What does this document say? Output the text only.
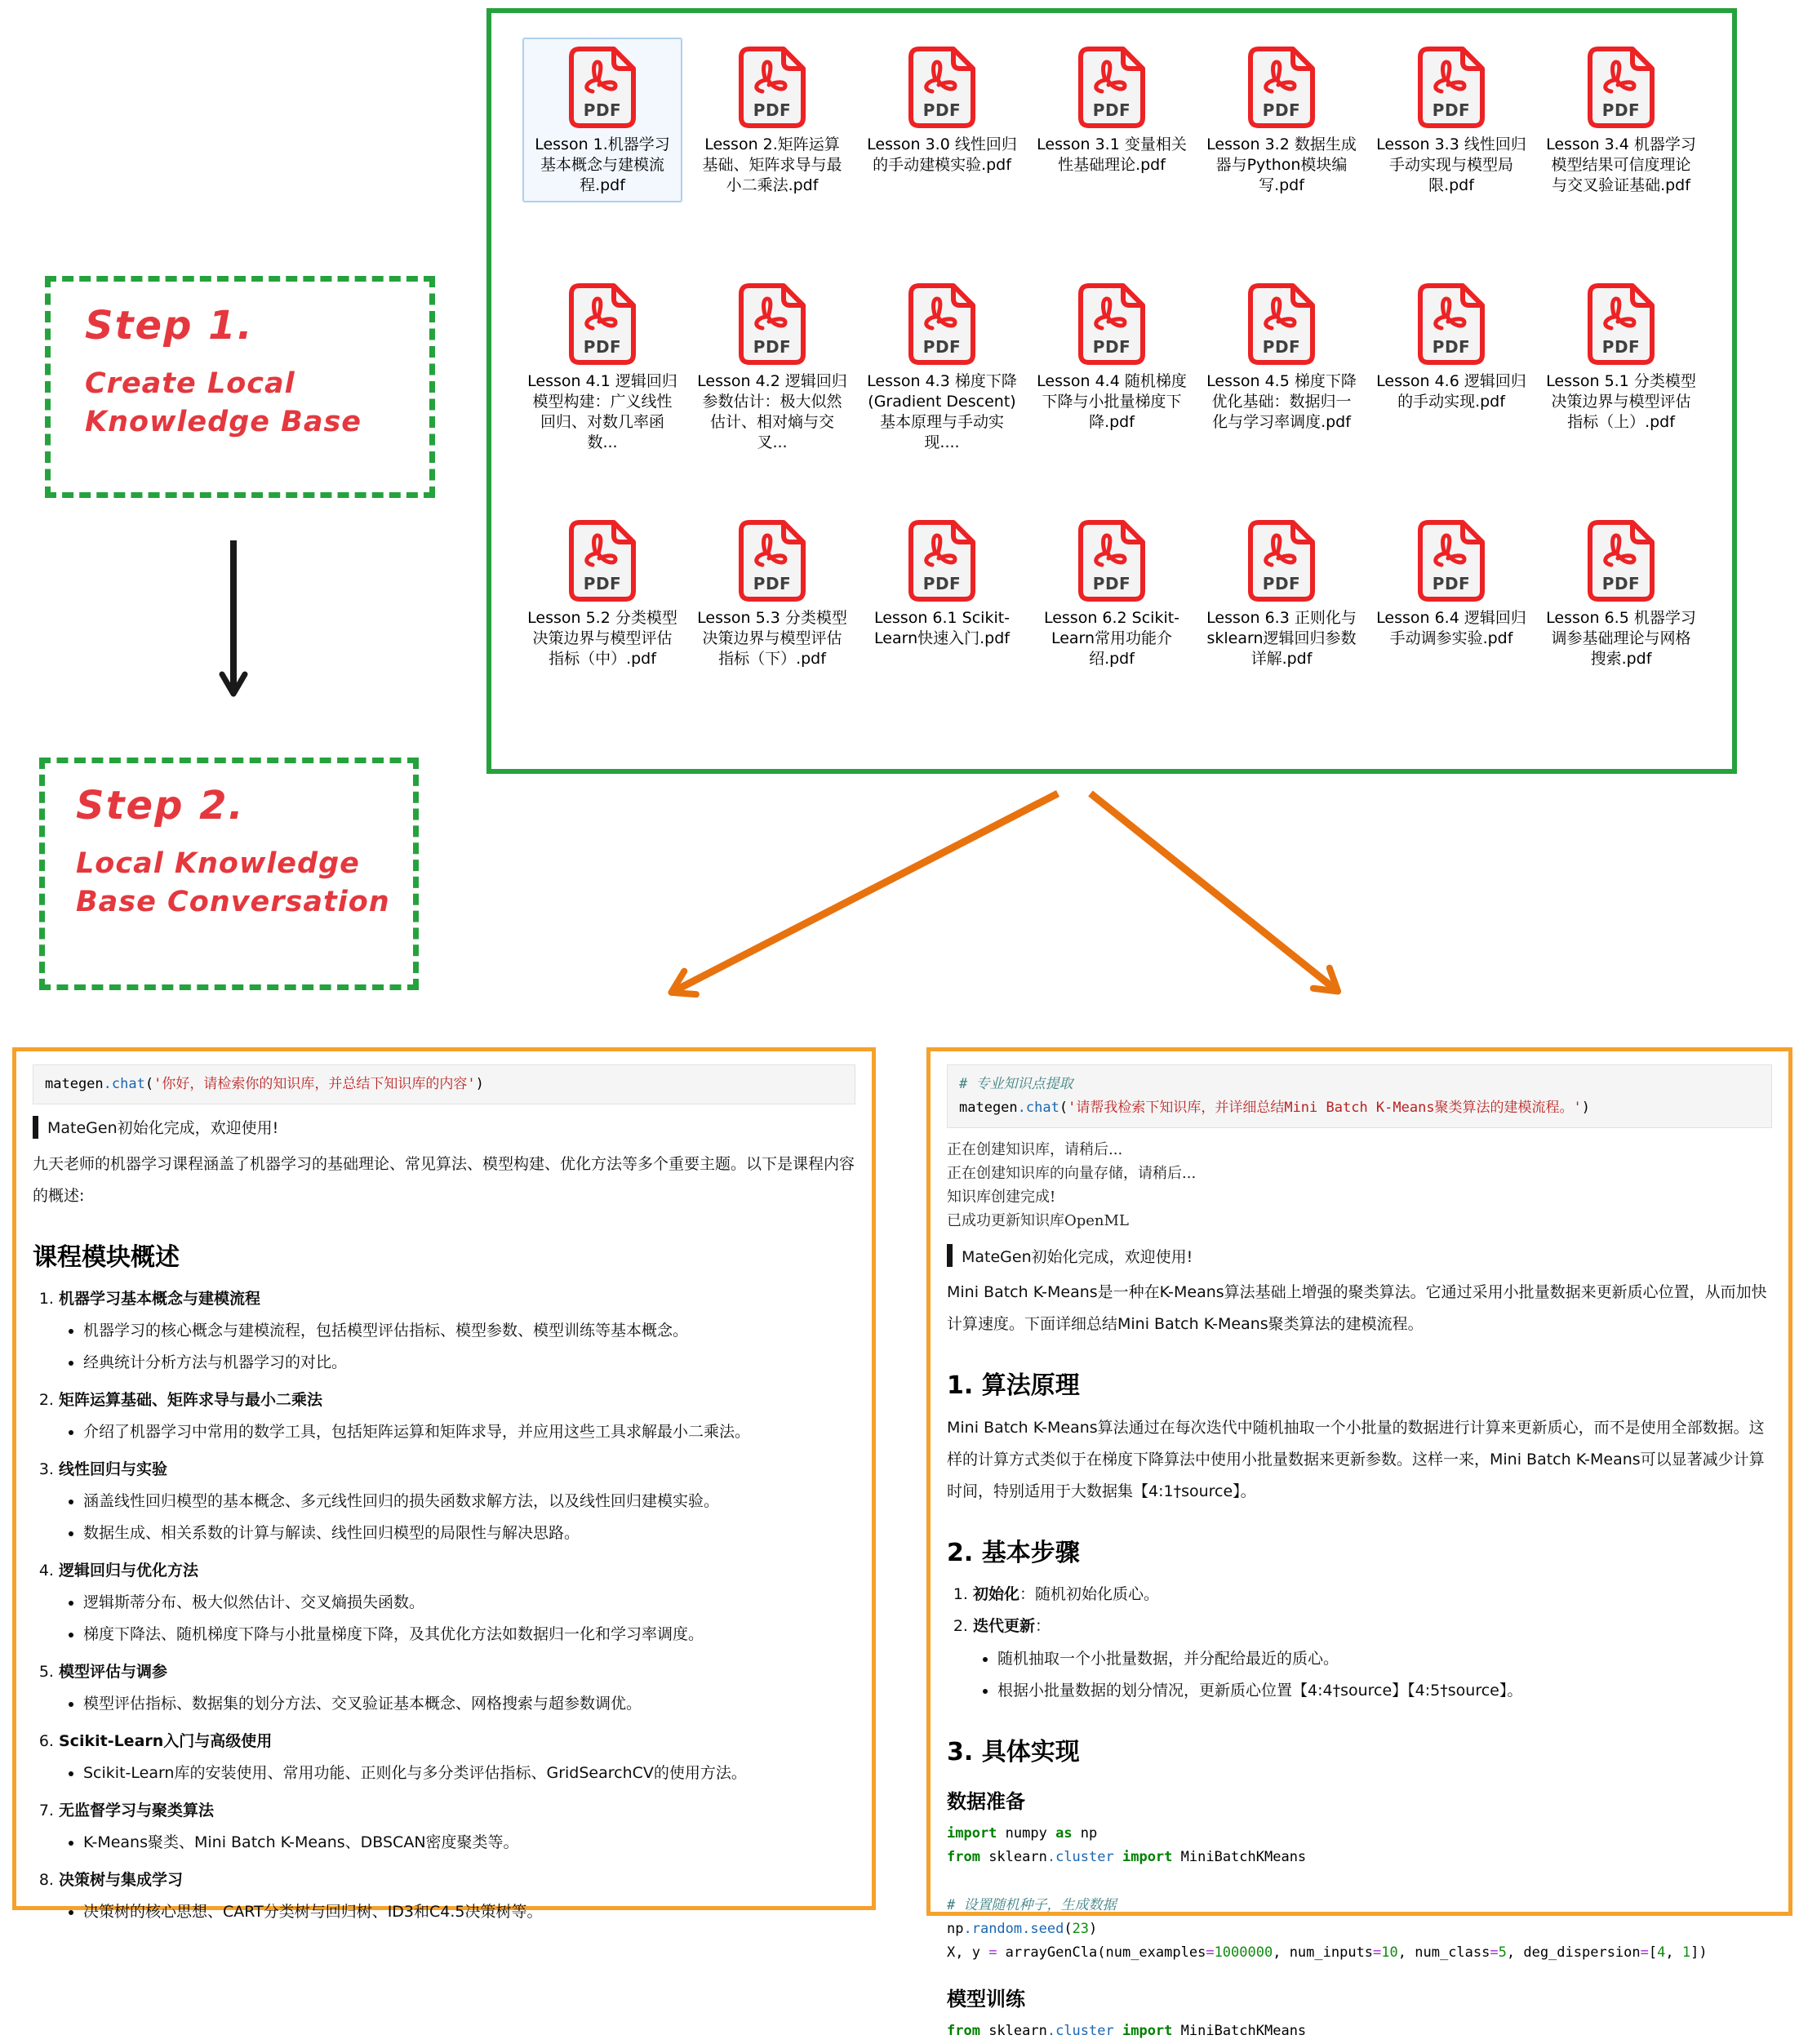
PDF
Lesson 1.机器学习基本概念与建模流程.pdf
PDF
Lesson 2.矩阵运算基础、矩阵求导与最小二乘法.pdf
PDF
Lesson 3.0 线性回归的手动建模实验.pdf
PDF
Lesson 3.1 变量相关性基础理论.pdf
PDF
Lesson 3.2 数据生成器与Python模块编写.pdf
PDF
Lesson 3.3 线性回归手动实现与模型局限.pdf
PDF
Lesson 3.4 机器学习模型结果可信度理论与交叉验证基础.pdf
PDF
Lesson 4.1 逻辑回归模型构建：广义线性回归、对数几率函数...
PDF
Lesson 4.2 逻辑回归参数估计：极大似然估计、相对熵与交叉...
PDF
Lesson 4.3 梯度下降(Gradient Descent)基本原理与手动实现....
PDF
Lesson 4.4 随机梯度下降与小批量梯度下降.pdf
PDF
Lesson 4.5 梯度下降优化基础：数据归一化与学习率调度.pdf
PDF
Lesson 4.6 逻辑回归的手动实现.pdf
PDF
Lesson 5.1 分类模型决策边界与模型评估指标（上）.pdf
PDF
Lesson 5.2 分类模型决策边界与模型评估指标（中）.pdf
PDF
Lesson 5.3 分类模型决策边界与模型评估指标（下）.pdf
PDF
Lesson 6.1 Scikit-Learn快速入门.pdf
PDF
Lesson 6.2 Scikit-Learn常用功能介绍.pdf
PDF
Lesson 6.3 正则化与sklearn逻辑回归参数详解.pdf
PDF
Lesson 6.4 逻辑回归手动调参实验.pdf
PDF
Lesson 6.5 机器学习调参基础理论与网格搜索.pdf
Step 1.
Create Local
Knowledge Base
Step 2.
Local Knowledge
Base Conversation
mategen.chat('你好，请检索你的知识库，并总结下知识库的内容')
MateGen初始化完成，欢迎使用!

九天老师的机器学习课程涵盖了机器学习的基础理论、常见算法、模型构建、优化方法等多个重要主题。以下是课程内容的概述:

课程模块概述
1. 机器学习基本概念与建模流程
• 机器学习的核心概念与建模流程，包括模型评估指标、模型参数、模型训练等基本概念。
• 经典统计分析方法与机器学习的对比。
2. 矩阵运算基础、矩阵求导与最小二乘法
• 介绍了机器学习中常用的数学工具，包括矩阵运算和矩阵求导，并应用这些工具求解最小二乘法。
3. 线性回归与实验
• 涵盖线性回归模型的基本概念、多元线性回归的损失函数求解方法，以及线性回归建模实验。
• 数据生成、相关系数的计算与解读、线性回归模型的局限性与解决思路。
4. 逻辑回归与优化方法
• 逻辑斯蒂分布、极大似然估计、交叉熵损失函数。
• 梯度下降法、随机梯度下降与小批量梯度下降，及其优化方法如数据归一化和学习率调度。
5. 模型评估与调参
• 模型评估指标、数据集的划分方法、交叉验证基本概念、网格搜索与超参数调优。
6. Scikit-Learn入门与高级使用
• Scikit-Learn库的安装使用、常用功能、正则化与多分类评估指标、GridSearchCV的使用方法。
7. 无监督学习与聚类算法
• K-Means聚类、Mini Batch K-Means、DBSCAN密度聚类等。
8. 决策树与集成学习
• 决策树的核心思想、CART分类树与回归树、ID3和C4.5决策树等。
# 专业知识点提取
mategen.chat('请帮我检索下知识库，并详细总结Mini Batch K-Means聚类算法的建模流程。')
正在创建知识库，请稍后...
正在创建知识库的向量存储，请稍后...
知识库创建完成!
已成功更新知识库OpenML
MateGen初始化完成，欢迎使用!

Mini Batch K-Means是一种在K-Means算法基础上增强的聚类算法。它通过采用小批量数据来更新质心位置，从而加快计算速度。下面详细总结Mini Batch K-Means聚类算法的建模流程。

1. 算法原理

Mini Batch K-Means算法通过在每次迭代中随机抽取一个小批量的数据进行计算来更新质心，而不是使用全部数据。这样的计算方式类似于在梯度下降算法中使用小批量数据来更新参数。这样一来，Mini Batch K-Means可以显著减少计算时间，特别适用于大数据集【4:1†source】。

2. 基本步骤
1. 初始化：随机初始化质心。
2. 迭代更新：
• 随机抽取一个小批量数据，并分配给最近的质心。
• 根据小批量数据的划分情况，更新质心位置【4:4†source】【4:5†source】。
3. 具体实现
数据准备
import numpy as np
from sklearn.cluster import MiniBatchKMeans

# 设置随机种子，生成数据
np.random.seed(23)
X, y = arrayGenCla(num_examples=1000000, num_inputs=10, num_class=5, deg_dispersion=[4, 1])
模型训练
from sklearn.cluster import MiniBatchKMeans
